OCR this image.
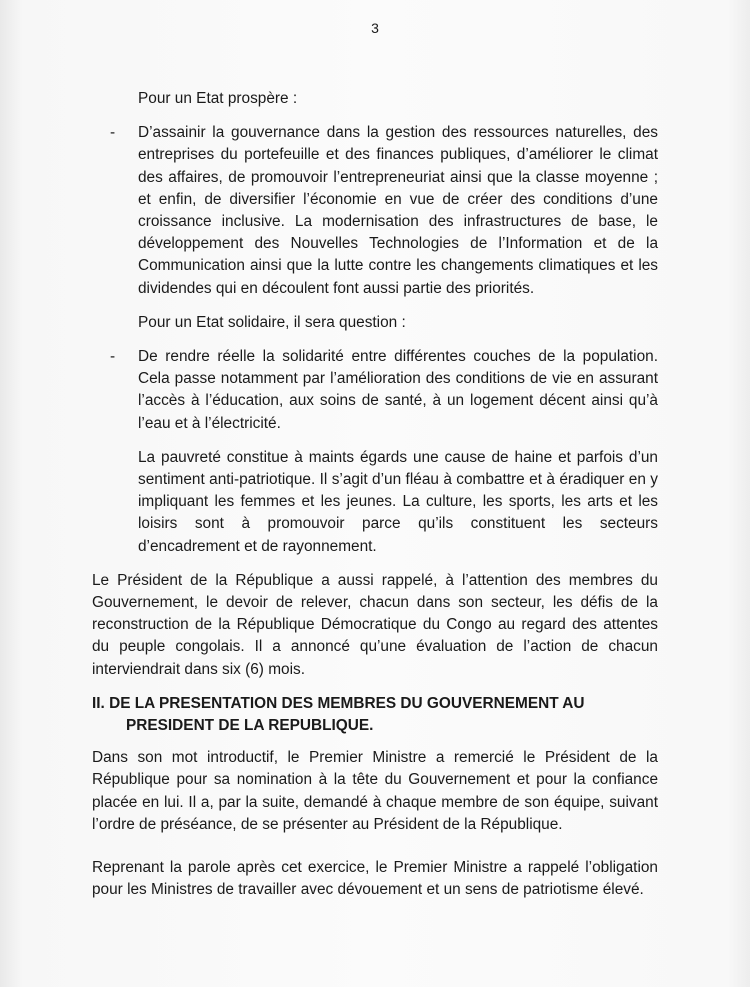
3

Pour un Etat prospère :

-	D’assainir la gouvernance dans la gestion des ressources naturelles, des entreprises du portefeuille et des finances publiques, d’améliorer le climat des affaires, de promouvoir l’entrepreneuriat ainsi que la classe moyenne ; et enfin, de diversifier l’économie en vue de créer des conditions d’une croissance inclusive. La modernisation des infrastructures de base, le développement des Nouvelles Technologies de l’Information et de la Communication ainsi que la lutte contre les changements climatiques et les dividendes qui en découlent font aussi partie des priorités.

Pour un Etat solidaire, il sera question :

-	De rendre réelle la solidarité entre différentes couches de la population. Cela passe notamment par l’amélioration des conditions de vie en assurant l’accès à l’éducation, aux soins de santé, à un logement décent ainsi qu’à l’eau et à l’électricité.

La pauvreté constitue à maints égards une cause de haine et parfois d’un sentiment anti-patriotique. Il s’agit d’un fléau à combattre et à éradiquer en y impliquant les femmes et les jeunes. La culture, les sports, les arts et les loisirs sont à promouvoir parce qu’ils constituent les secteurs d’encadrement et de rayonnement.

Le Président de la République a aussi rappelé, à l’attention des membres du Gouvernement, le devoir de relever, chacun dans son secteur, les défis de la reconstruction de la République Démocratique du Congo au regard des attentes du peuple congolais. Il a annoncé qu’une évaluation de l’action de chacun interviendrait dans six (6) mois.

II. DE LA PRESENTATION DES MEMBRES DU GOUVERNEMENT AU PRESIDENT DE LA REPUBLIQUE.

Dans son mot introductif, le Premier Ministre a remercié le Président de la République pour sa nomination à la tête du Gouvernement et pour la confiance placée en lui. Il a, par la suite, demandé à chaque membre de son équipe, suivant l’ordre de préséance, de se présenter au Président de la République.

Reprenant la parole après cet exercice, le Premier Ministre a rappelé l’obligation pour les Ministres de travailler avec dévouement et un sens de patriotisme élevé.
